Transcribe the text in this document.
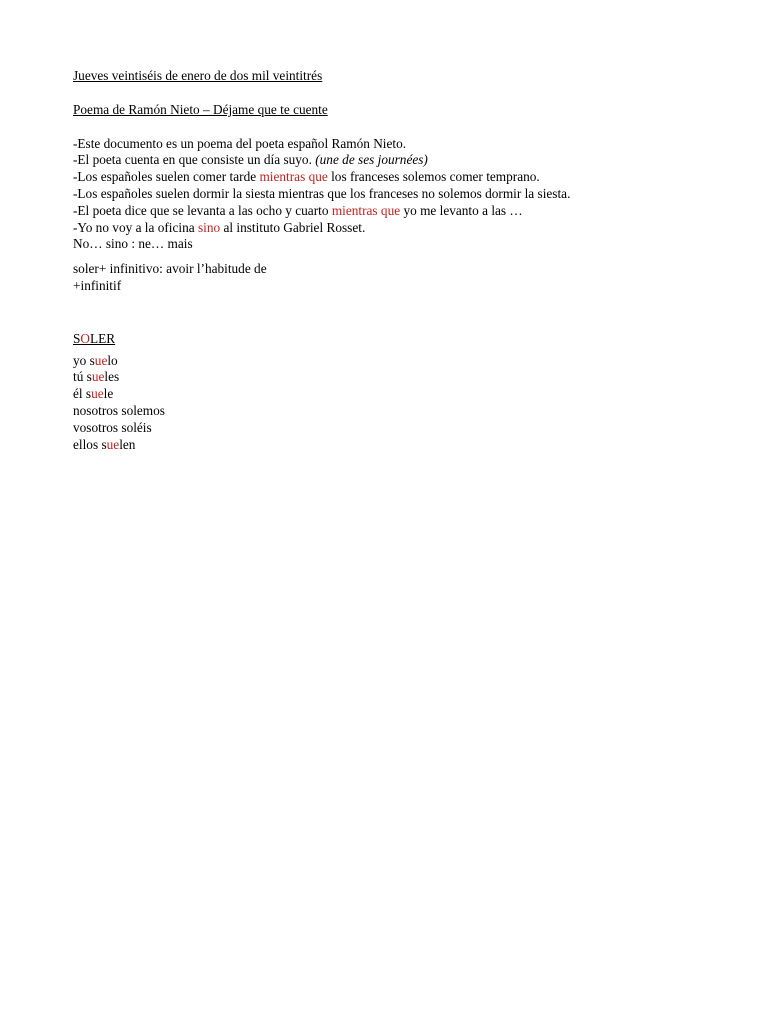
Jueves veintiséis de enero de dos mil veintitrés
Poema de Ramón Nieto – Déjame que te cuente
-Este documento es un poema del poeta español Ramón Nieto.
-El poeta cuenta en que consiste un día suyo. (une de ses journées)
-Los españoles suelen comer tarde mientras que los franceses solemos comer temprano.
-Los españoles suelen dormir la siesta mientras que los franceses no solemos dormir la siesta.
-El poeta dice que se levanta a las ocho y cuarto mientras que yo me levanto a las …
-Yo no voy a la oficina sino al instituto Gabriel Rosset.
No… sino : ne… mais
soler+ infinitivo: avoir l’habitude de
+infinitif
SOLER
yo suelo
tú sueles
él suele
nosotros solemos
vosotros soléis
ellos suelen
